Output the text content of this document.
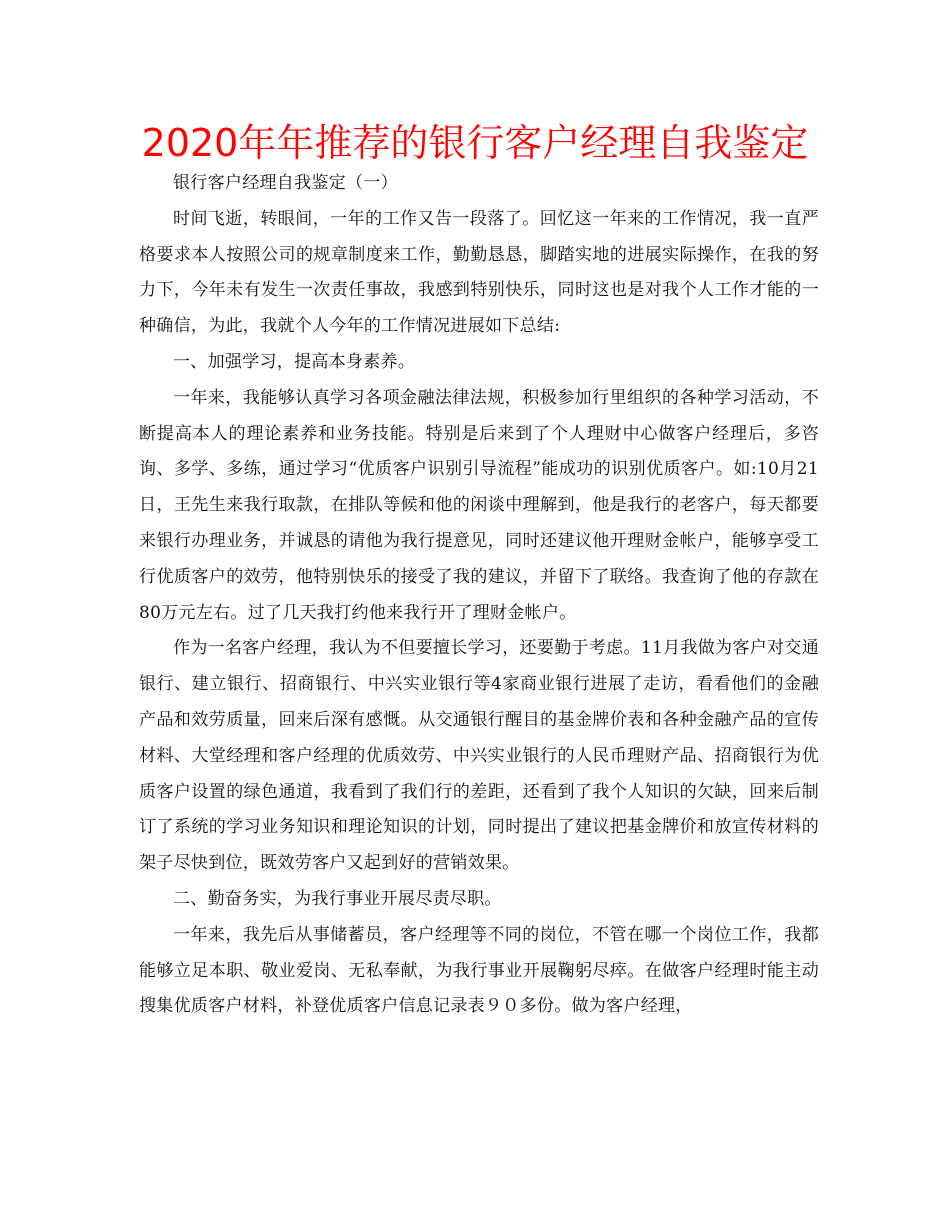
2020年年推荐的银行客户经理自我鉴定

银行客户经理自我鉴定（一）

时间飞逝，转眼间，一年的工作又告一段落了。回忆这一年来的工作情况，我一直严格要求本人按照公司的规章制度来工作，勤勤恳恳，脚踏实地的进展实际操作，在我的努力下，今年未有发生一次责任事故，我感到特别快乐，同时这也是对我个人工作才能的一种确信，为此，我就个人今年的工作情况进展如下总结:

一、加强学习，提高本身素养。

一年来，我能够认真学习各项金融法律法规，积极参加行里组织的各种学习活动，不断提高本人的理论素养和业务技能。特别是后来到了个人理财中心做客户经理后，多咨询、多学、多练，通过学习“优质客户识别引导流程”能成功的识别优质客户。如:10月21日，王先生来我行取款，在排队等候和他的闲谈中理解到，他是我行的老客户，每天都要来银行办理业务，并诚恳的请他为我行提意见，同时还建议他开理财金帐户，能够享受工行优质客户的效劳，他特别快乐的接受了我的建议，并留下了联络。我查询了他的存款在80万元左右。过了几天我打约他来我行开了理财金帐户。

作为一名客户经理，我认为不但要擅长学习，还要勤于考虑。11月我做为客户对交通银行、建立银行、招商银行、中兴实业银行等4家商业银行进展了走访，看看他们的金融产品和效劳质量，回来后深有感慨。从交通银行醒目的基金牌价表和各种金融产品的宣传材料、大堂经理和客户经理的优质效劳、中兴实业银行的人民币理财产品、招商银行为优质客户设置的绿色通道，我看到了我们行的差距，还看到了我个人知识的欠缺，回来后制订了系统的学习业务知识和理论知识的计划，同时提出了建议把基金牌价和放宣传材料的架子尽快到位，既效劳客户又起到好的营销效果。

二、勤奋务实，为我行事业开展尽责尽职。

一年来，我先后从事储蓄员，客户经理等不同的岗位，不管在哪一个岗位工作，我都能够立足本职、敬业爱岗、无私奉献，为我行事业开展鞠躬尽瘁。在做客户经理时能主动搜集优质客户材料，补登优质客户信息记录表９０多份。做为客户经理，
